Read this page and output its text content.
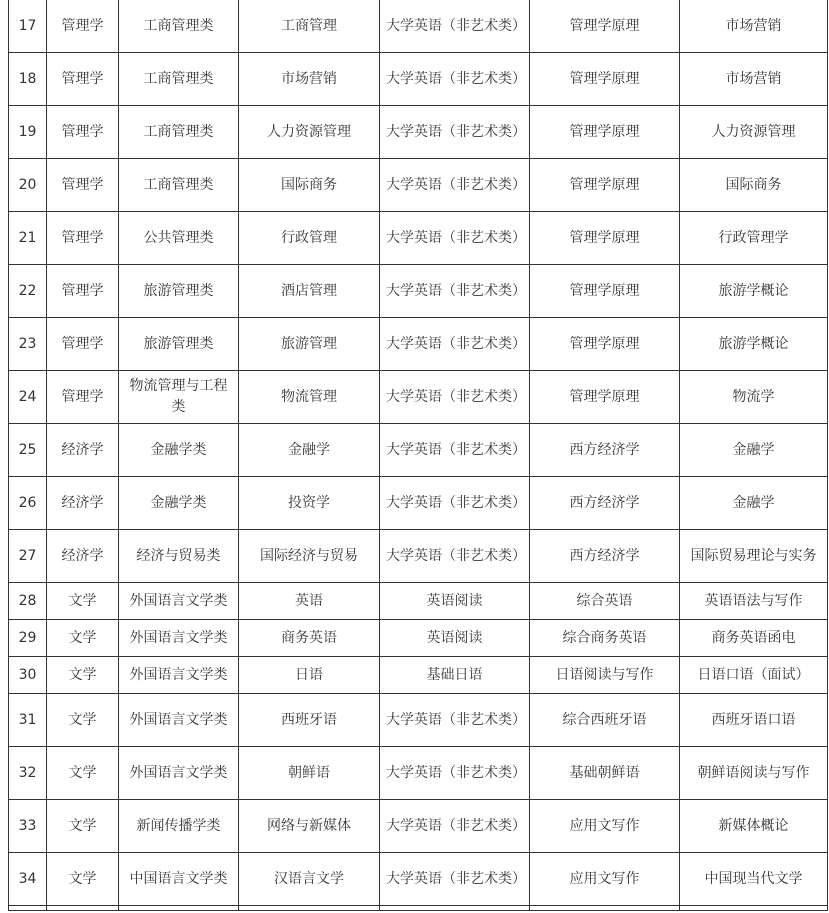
17	管理学	工商管理类	工商管理	大学英语（非艺术类）	管理学原理	市场营销
18	管理学	工商管理类	市场营销	大学英语（非艺术类）	管理学原理	市场营销
19	管理学	工商管理类	人力资源管理	大学英语（非艺术类）	管理学原理	人力资源管理
20	管理学	工商管理类	国际商务	大学英语（非艺术类）	管理学原理	国际商务
21	管理学	公共管理类	行政管理	大学英语（非艺术类）	管理学原理	行政管理学
22	管理学	旅游管理类	酒店管理	大学英语（非艺术类）	管理学原理	旅游学概论
23	管理学	旅游管理类	旅游管理	大学英语（非艺术类）	管理学原理	旅游学概论
24	管理学	物流管理与工程类	物流管理	大学英语（非艺术类）	管理学原理	物流学
25	经济学	金融学类	金融学	大学英语（非艺术类）	西方经济学	金融学
26	经济学	金融学类	投资学	大学英语（非艺术类）	西方经济学	金融学
27	经济学	经济与贸易类	国际经济与贸易	大学英语（非艺术类）	西方经济学	国际贸易理论与实务
28	文学	外国语言文学类	英语	英语阅读	综合英语	英语语法与写作
29	文学	外国语言文学类	商务英语	英语阅读	综合商务英语	商务英语函电
30	文学	外国语言文学类	日语	基础日语	日语阅读与写作	日语口语（面试）
31	文学	外国语言文学类	西班牙语	大学英语（非艺术类）	综合西班牙语	西班牙语口语
32	文学	外国语言文学类	朝鲜语	大学英语（非艺术类）	基础朝鲜语	朝鲜语阅读与写作
33	文学	新闻传播学类	网络与新媒体	大学英语（非艺术类）	应用文写作	新媒体概论
34	文学	中国语言文学类	汉语言文学	大学英语（非艺术类）	应用文写作	中国现当代文学
